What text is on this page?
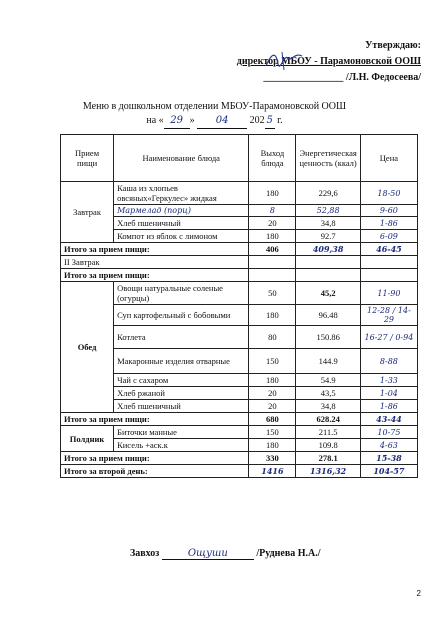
Утверждаю:
директор МБОУ - Парамоновской ООШ
________________ /Л.Н. Федосеева/
Меню в дошкольном отделении МБОУ-Парамоновской ООШ
на « 29 » 04 202 5 г.
Прием пищи	Наименование блюда	Выход блюда	Энергетическая ценность (ккал)	Цена
Завтрак	Каша из хлопьев овсяных«Геркулес» жидкая	180	229,6	18-50
	Мармелад (порц)	8	52,88	9-60
	Хлеб пшеничный	20	34,8	1-86
	Компот из яблок с лимоном	180	92.7	6-09
Итого за прием пищи:		406	409,38	46-45
II Завтрак				
Итого за прием пищи:				
Обед	Овощи натуральные соленые (огурцы)	50	45,2	11-90
	Суп картофельный с бобовыми	180	96.48	12-28 / 14-29
	Котлета	80	150.86	16-27 / 0-94
	Макаронные изделия отварные	150	144.9	8-88
	Чай с сахаром	180	54.9	1-33
	Хлеб ржаной	20	43,5	1-04
	Хлеб пшеничный	20	34,8	1-86
Итого за прием пищи:		680	628.24	43-44
Полдник	Биточки манные	150	211.5	10-75
	Кисель +аск.к	180	109.8	4-63
Итого за прием пищи:		330	278.1	15-38
Итого за второй день:		1416	1316,32	104-57
Завхоз	Ощуши	/Руднева Н.А./
2
